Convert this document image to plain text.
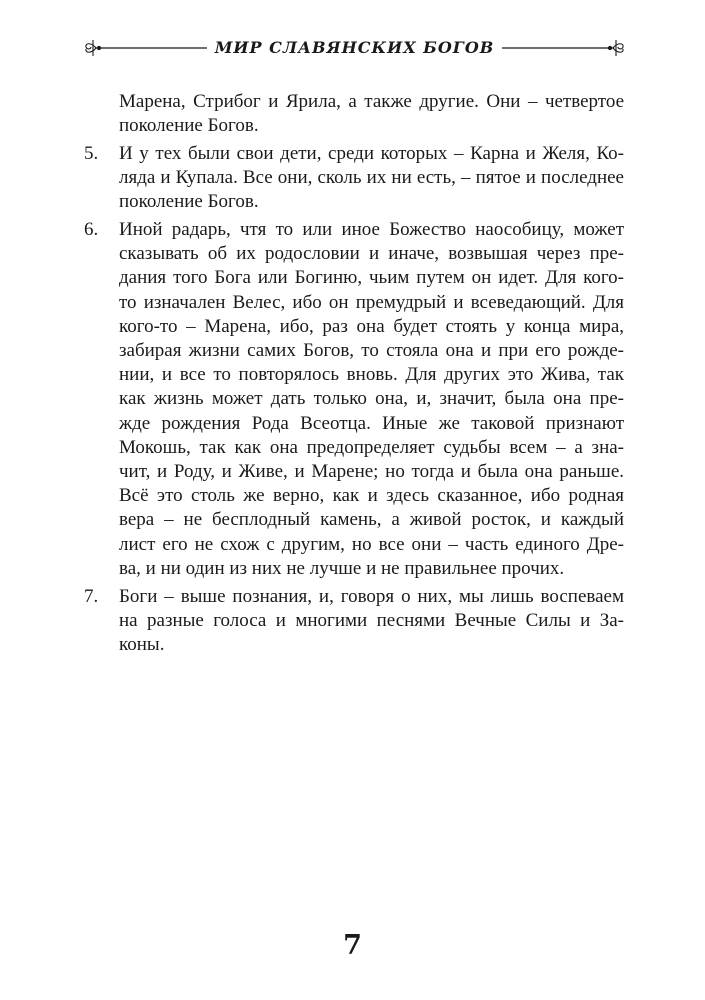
МИР СЛАВЯНСКИХ БОГОВ
Марена, Стрибог и Ярила, а также другие. Они – четвертое
поколение Богов.
5. И у тех были свои дети, среди которых – Карна и Желя, Ко-
ляда и Купала. Все они, сколь их ни есть, – пятое и последнее
поколение Богов.
6. Иной радарь, чтя то или иное Божество наособицу, может
сказывать об их родословии и иначе, возвышая через пре-
дания того Бога или Богиню, чьим путем он идет. Для кого-
то изначален Велес, ибо он премудрый и всеведающий. Для
кого-то – Марена, ибо, раз она будет стоять у конца мира,
забирая жизни самих Богов, то стояла она и при его рожде-
нии, и все то повторялось вновь. Для других это Жива, так
как жизнь может дать только она, и, значит, была она пре-
жде рождения Рода Всеотца. Иные же таковой признают
Мокошь, так как она предопределяет судьбы всем – а зна-
чит, и Роду, и Живе, и Марене; но тогда и была она раньше.
Всё это столь же верно, как и здесь сказанное, ибо родная
вера – не бесплодный камень, а живой росток, и каждый
лист его не схож с другим, но все они – часть единого Дре-
ва, и ни один из них не лучше и не правильнее прочих.
7. Боги – выше познания, и, говоря о них, мы лишь воспеваем
на разные голоса и многими песнями Вечные Силы и За-
коны.
7
